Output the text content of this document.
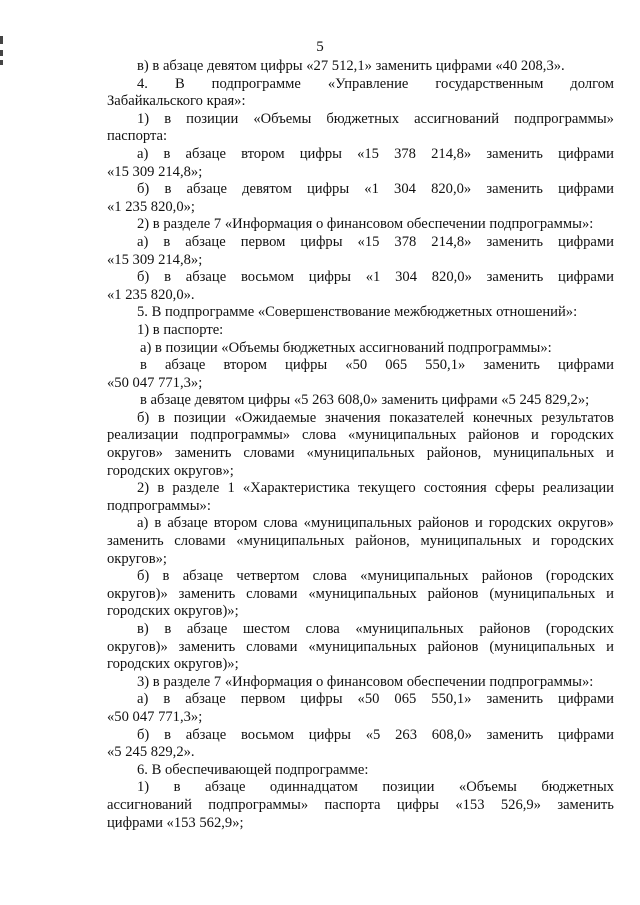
5
в) в абзаце девятом цифры «27 512,1» заменить цифрами «40 208,3».
4. В подпрограмме «Управление государственным долгом
Забайкальского края»:
1) в позиции «Объемы бюджетных ассигнований подпрограммы»
паспорта:
а) в абзаце втором цифры «15 378 214,8» заменить цифрами
«15 309 214,8»;
б) в абзаце девятом цифры «1 304 820,0» заменить цифрами
«1 235 820,0»;
2) в разделе 7 «Информация о финансовом обеспечении подпрограммы»:
а) в абзаце первом цифры «15 378 214,8» заменить цифрами
«15 309 214,8»;
б) в абзаце восьмом цифры «1 304 820,0» заменить цифрами
«1 235 820,0».
5. В подпрограмме «Совершенствование межбюджетных отношений»:
1) в паспорте:
а) в позиции «Объемы бюджетных ассигнований подпрограммы»:
в абзаце втором цифры «50 065 550,1» заменить цифрами
«50 047 771,3»;
в абзаце девятом цифры «5 263 608,0» заменить цифрами «5 245 829,2»;
б) в позиции «Ожидаемые значения показателей конечных результатов
реализации подпрограммы» слова «муниципальных районов и городских
округов» заменить словами «муниципальных районов, муниципальных и
городских округов»;
2) в разделе 1 «Характеристика текущего состояния сферы реализации
подпрограммы»:
а) в абзаце втором слова «муниципальных районов и городских округов»
заменить словами «муниципальных районов, муниципальных и городских
округов»;
б) в абзаце четвертом слова «муниципальных районов (городских
округов)» заменить словами «муниципальных районов (муниципальных и
городских округов)»;
в) в абзаце шестом слова «муниципальных районов (городских
округов)» заменить словами «муниципальных районов (муниципальных и
городских округов)»;
3) в разделе 7 «Информация о финансовом обеспечении подпрограммы»:
а) в абзаце первом цифры «50 065 550,1» заменить цифрами
«50 047 771,3»;
б) в абзаце восьмом цифры «5 263 608,0» заменить цифрами
«5 245 829,2».
6. В обеспечивающей подпрограмме:
1) в абзаце одиннадцатом позиции «Объемы бюджетных
ассигнований подпрограммы» паспорта цифры «153 526,9» заменить
цифрами «153 562,9»;
